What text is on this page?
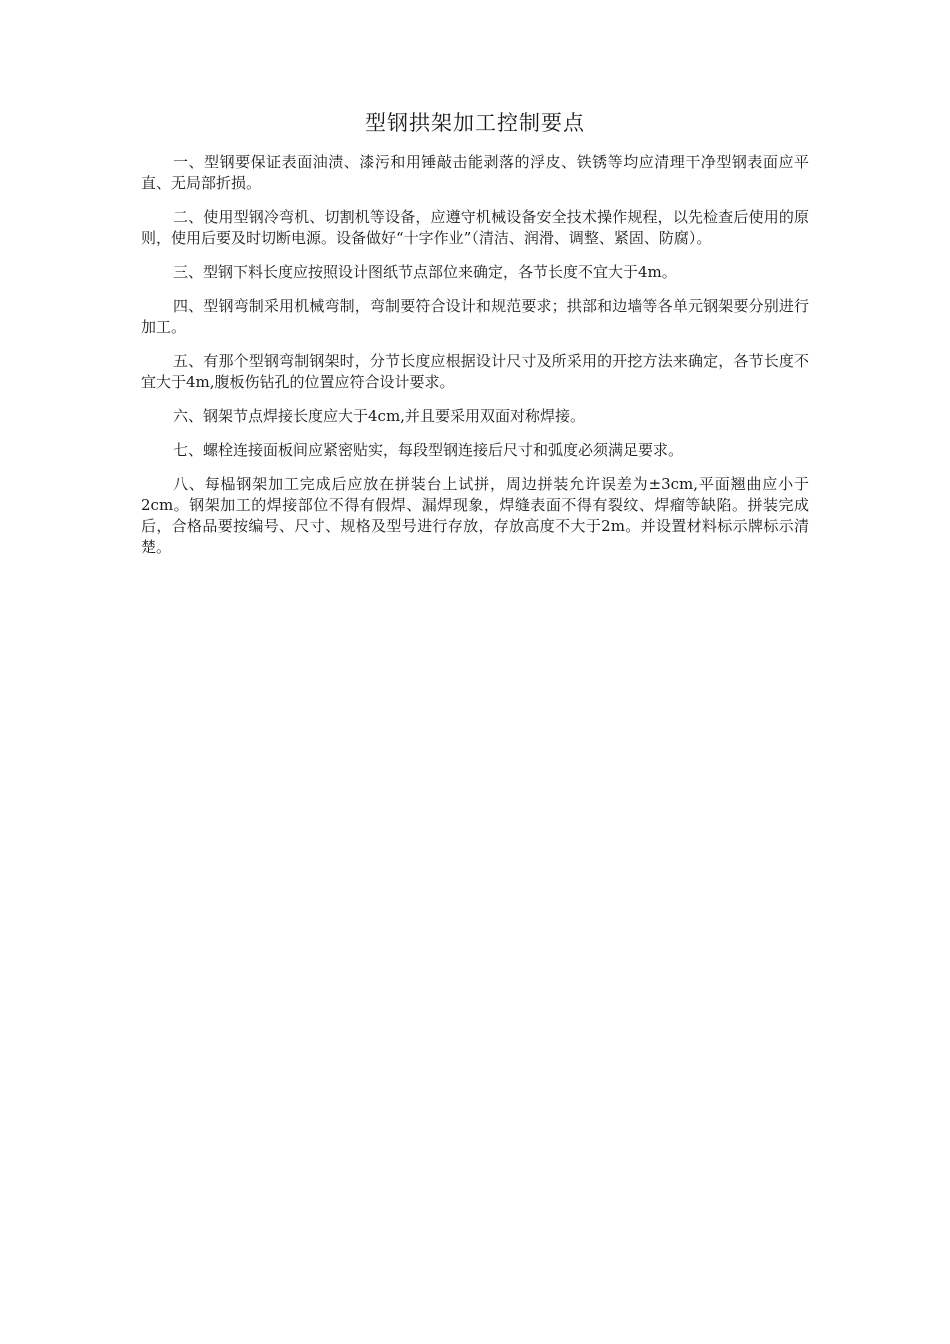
型钢拱架加工控制要点

一、型钢要保证表面油渍、漆污和用锤敲击能剥落的浮皮、铁锈等均应清理干净型钢表面应平直、无局部折损。

二、使用型钢冷弯机、切割机等设备，应遵守机械设备安全技术操作规程，以先检查后使用的原则，使用后要及时切断电源。设备做好“十字作业”（清洁、润滑、调整、紧固、防腐）。

三、型钢下料长度应按照设计图纸节点部位来确定，各节长度不宜大于4m。

四、型钢弯制采用机械弯制，弯制要符合设计和规范要求；拱部和边墙等各单元钢架要分别进行加工。

五、有那个型钢弯制钢架时，分节长度应根据设计尺寸及所采用的开挖方法来确定，各节长度不宜大于4m,腹板伤钻孔的位置应符合设计要求。

六、钢架节点焊接长度应大于4cm,并且要采用双面对称焊接。

七、螺栓连接面板间应紧密贴实，每段型钢连接后尺寸和弧度必须满足要求。

八、每榀钢架加工完成后应放在拼装台上试拼，周边拼装允许误差为±3cm,平面翘曲应小于2cm。钢架加工的焊接部位不得有假焊、漏焊现象，焊缝表面不得有裂纹、焊瘤等缺陷。拼装完成后，合格品要按编号、尺寸、规格及型号进行存放，存放高度不大于2m。并设置材料标示牌标示清楚。
